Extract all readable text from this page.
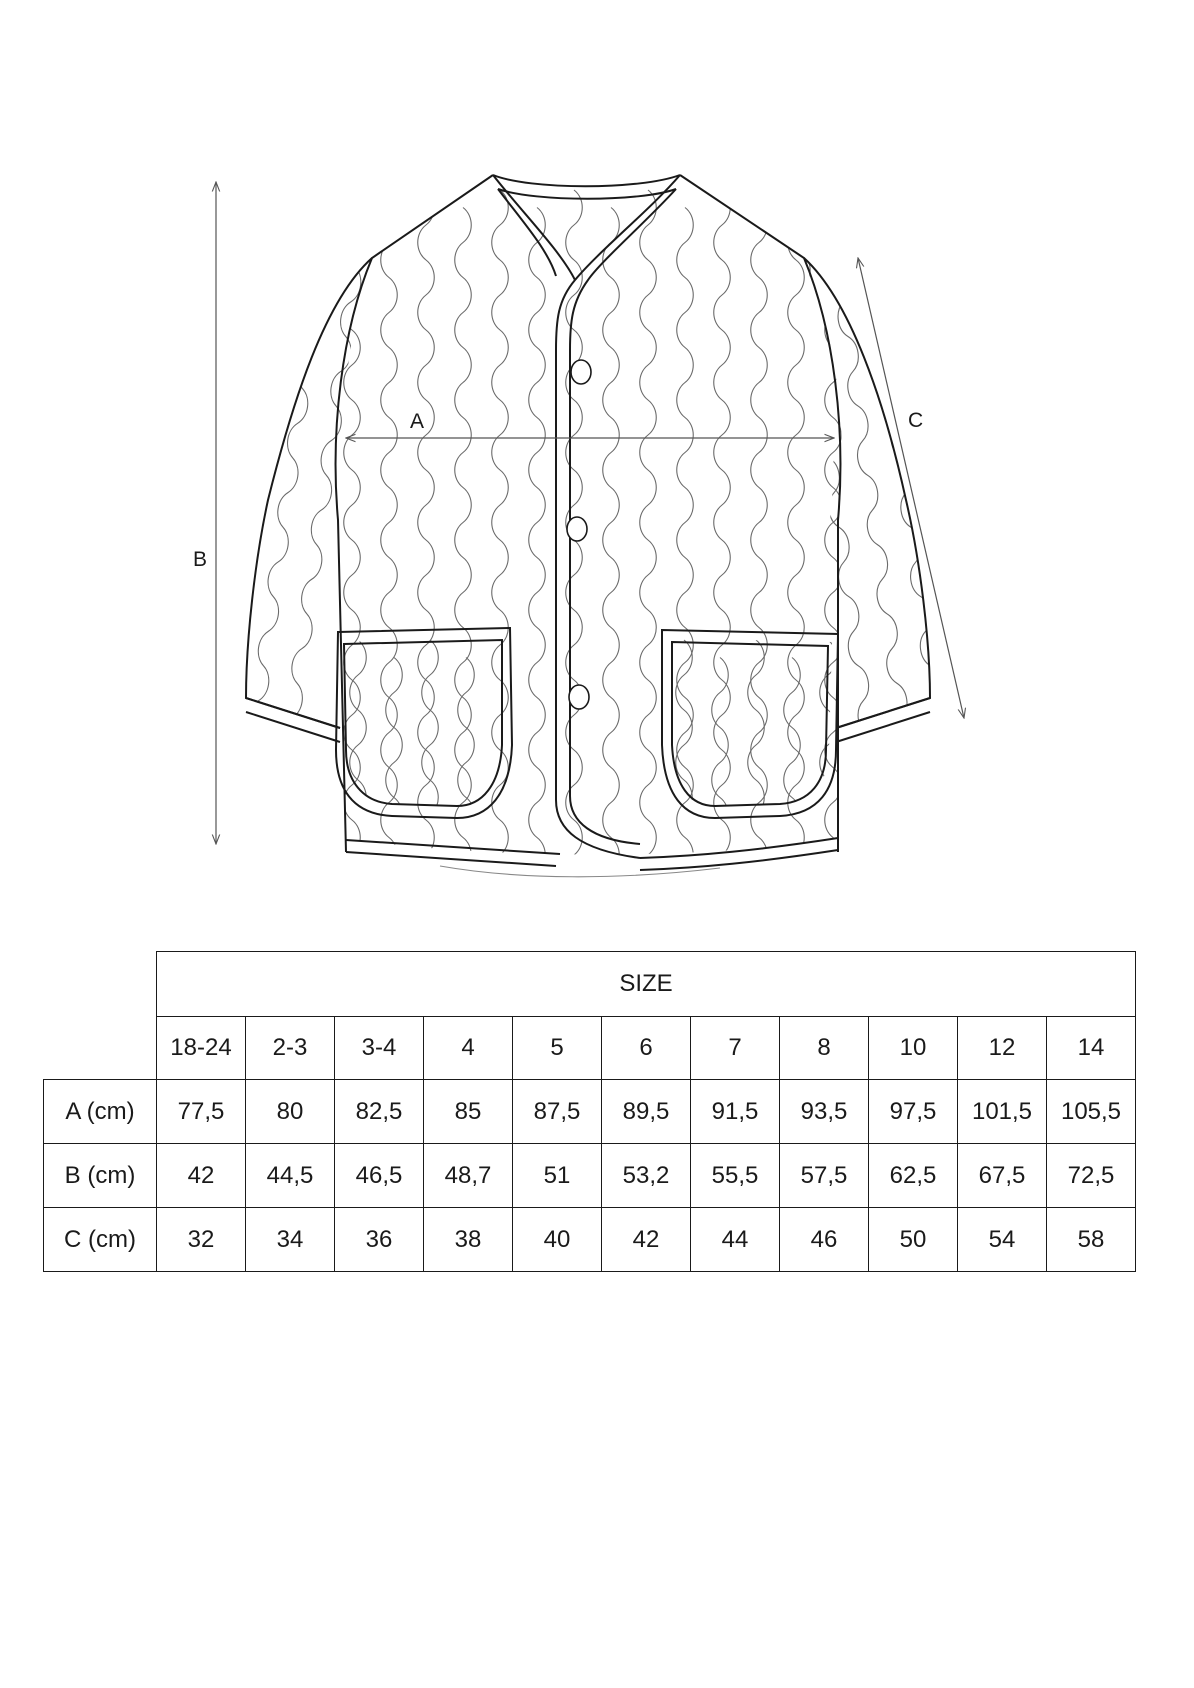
A
B
C
	SIZE										
	18-24	2-3	3-4	4	5	6	7	8	10	12	14
A (cm)	77,5	80	82,5	85	87,5	89,5	91,5	93,5	97,5	101,5	105,5
B (cm)	42	44,5	46,5	48,7	51	53,2	55,5	57,5	62,5	67,5	72,5
C (cm)	32	34	36	38	40	42	44	46	50	54	58
